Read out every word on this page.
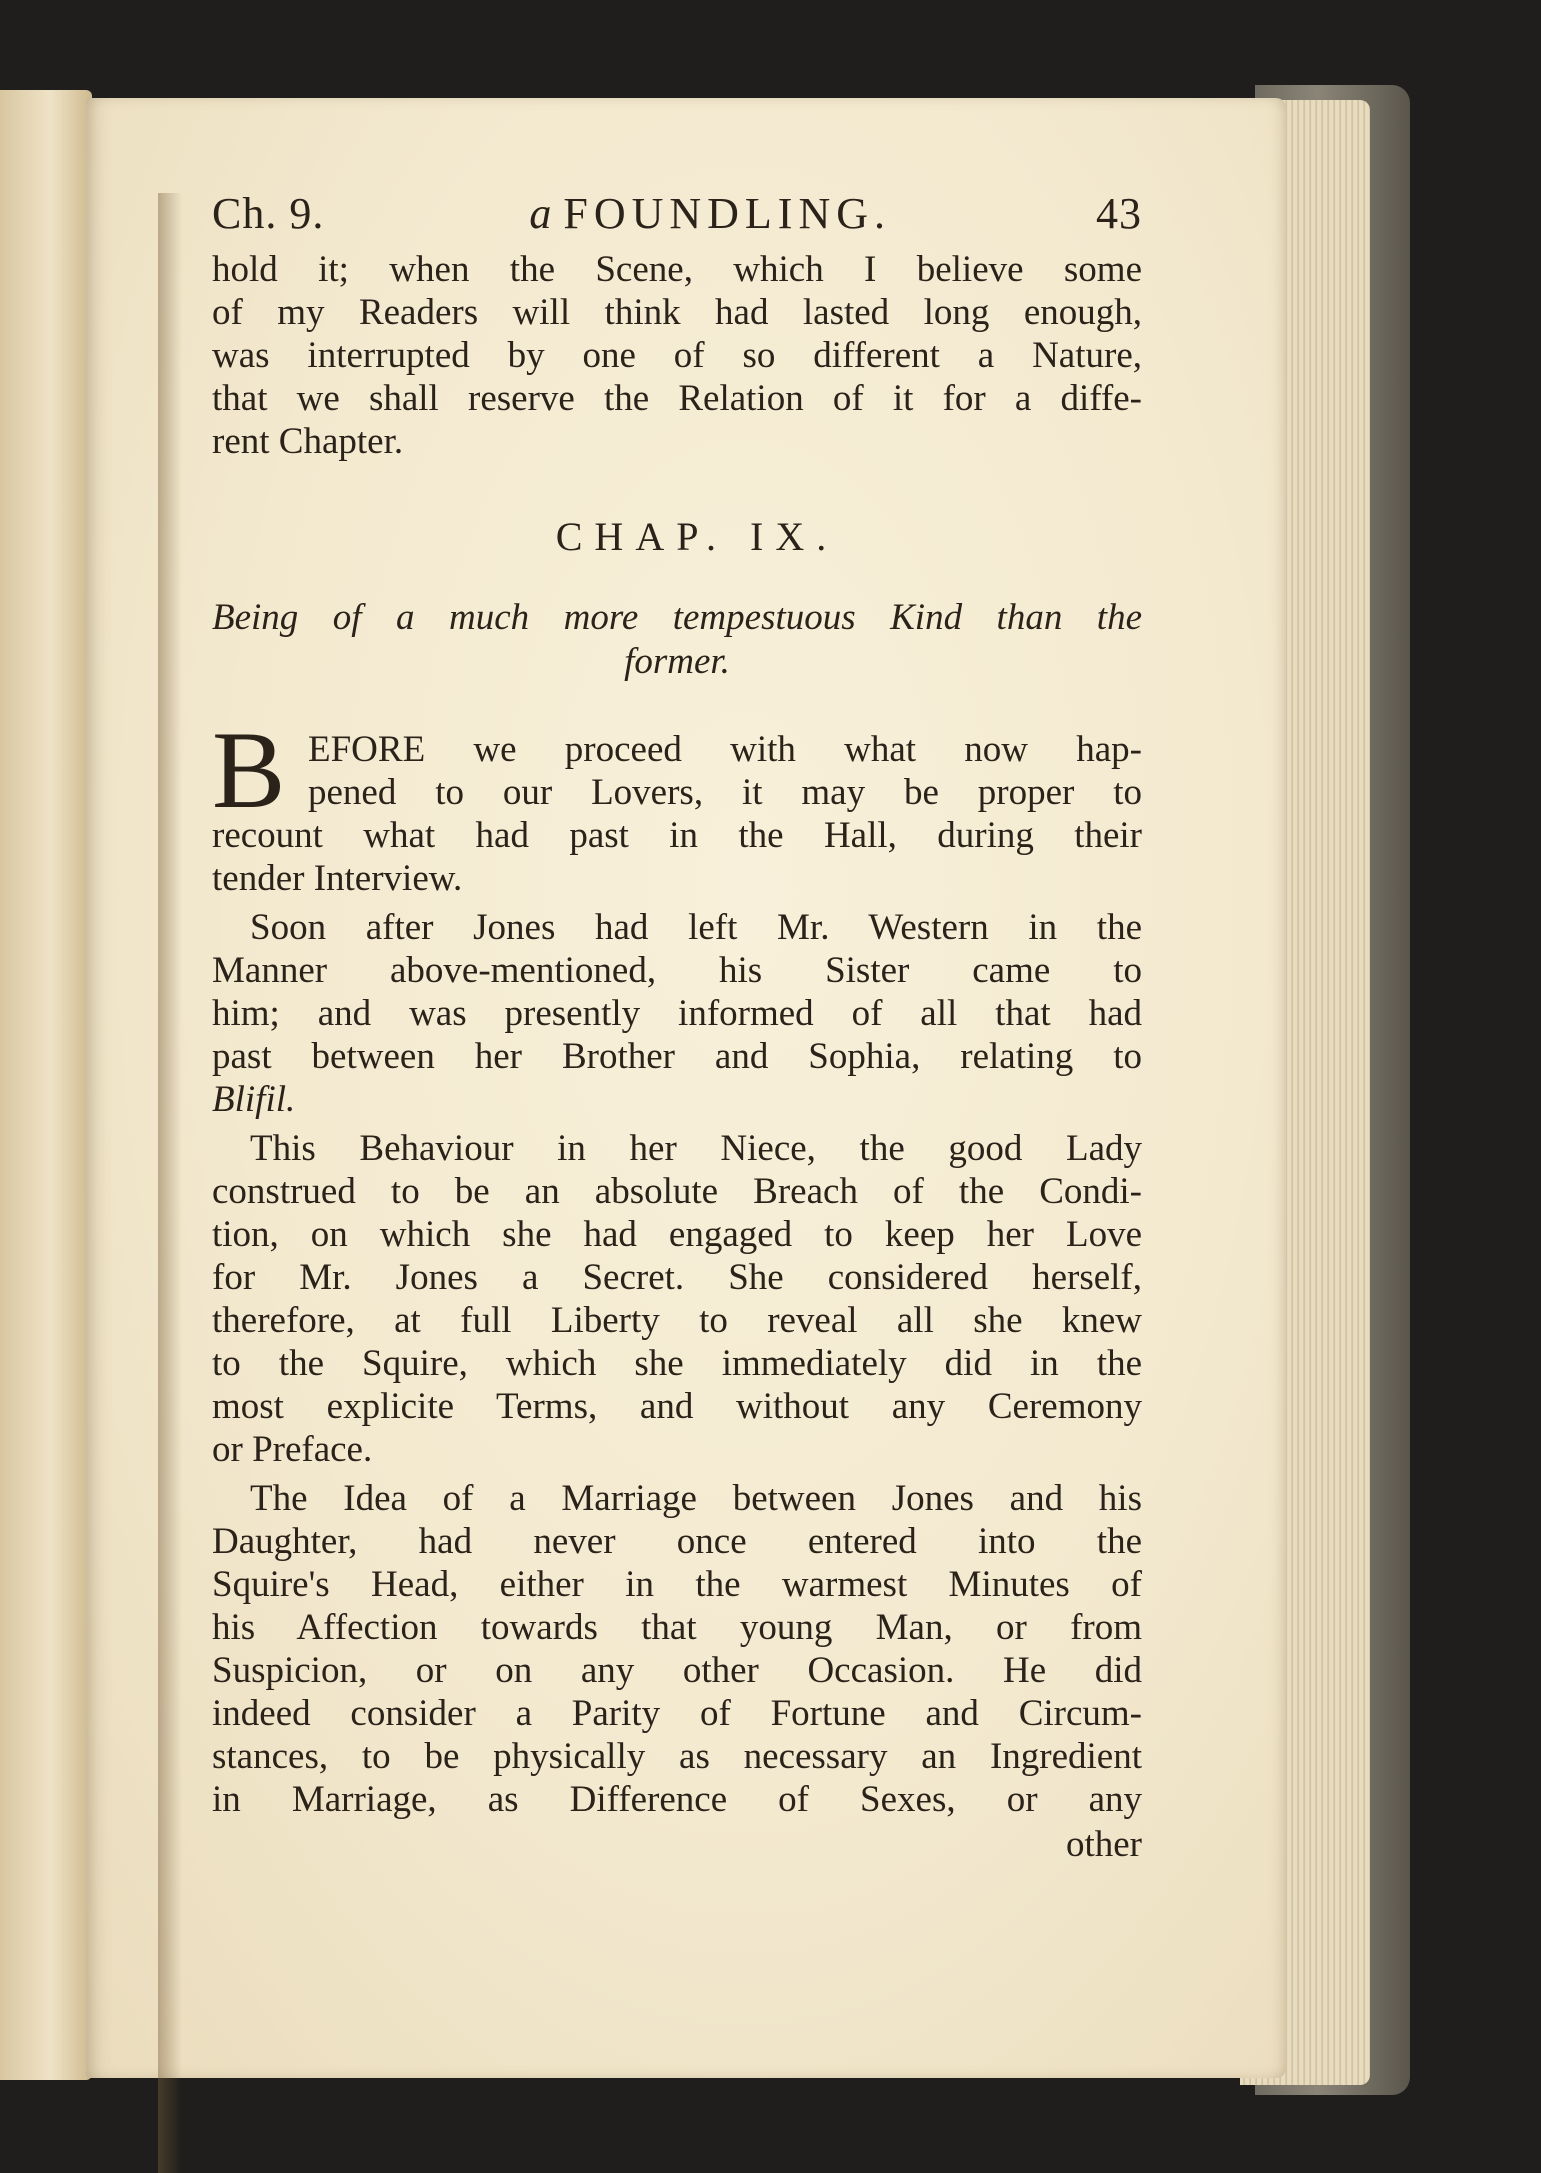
Ch. 9.	a FOUNDLING.	43
hold it; when the Scene, which I believe some
of my Readers will think had lasted long enough,
was interrupted by one of so different a Nature,
that we shall reserve the Relation of it for a diffe-
rent Chapter.
CHAP. IX.
Being of a much more tempestuous Kind than the
former.
B EFORE we proceed with what now hap-
pened to our Lovers, it may be proper to
recount what had past in the Hall, during their
tender Interview.
Soon after Jones had left Mr. Western in the
Manner above-mentioned, his Sister came to
him; and was presently informed of all that had
past between her Brother and Sophia, relating to
Blifil.
This Behaviour in her Niece, the good Lady
construed to be an absolute Breach of the Condi-
tion, on which she had engaged to keep her Love
for Mr. Jones a Secret. She considered herself,
therefore, at full Liberty to reveal all she knew
to the Squire, which she immediately did in the
most explicite Terms, and without any Ceremony
or Preface.
The Idea of a Marriage between Jones and his
Daughter, had never once entered into the
Squire's Head, either in the warmest Minutes of
his Affection towards that young Man, or from
Suspicion, or on any other Occasion. He did
indeed consider a Parity of Fortune and Circum-
stances, to be physically as necessary an Ingredient
in Marriage, as Difference of Sexes, or any
other
